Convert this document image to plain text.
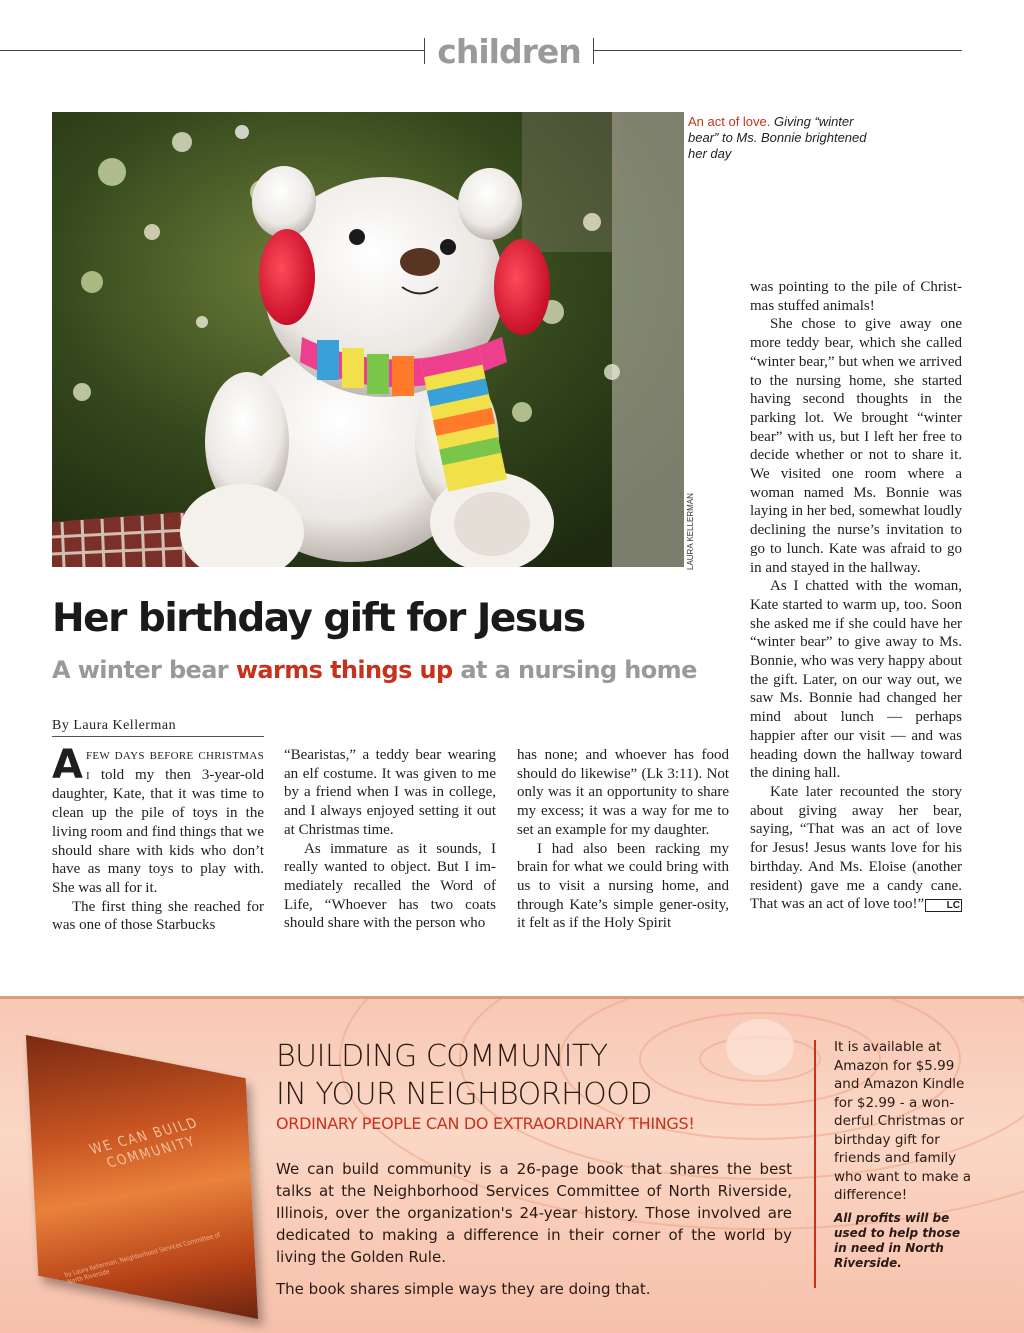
children
LAURA KELLERMAN
An act of love. Giving “winter bear” to Ms. Bonnie brightened her day
Her birthday gift for Jesus
A winter bear warms things up at a nursing home
By Laura Kellerman

AFEW DAYS BEFORE CHRISTMAS I told my then 3-year-old daughter, Kate, that it was time to clean up the pile of toys in the living room and find things that we should share with kids who don’t have as many toys to play with. She was all for it.

The first thing she reached for was one of those Starbucks

“Bearistas,” a teddy bear wearing an elf costume. It was given to me by a friend when I was in college, and I always enjoyed setting it out at Christmas time.

As immature as it sounds, I really wanted to object. But I im-mediately recalled the Word of Life, “Whoever has two coats should share with the person who

has none; and whoever has food should do likewise” (Lk 3:11). Not only was it an opportunity to share my excess; it was a way for me to set an example for my daughter.

I had also been racking my brain for what we could bring with us to visit a nursing home, and through Kate’s simple gener-osity, it felt as if the Holy Spirit

was pointing to the pile of Christ-mas stuffed animals!

She chose to give away one more teddy bear, which she called “winter bear,” but when we arrived to the nursing home, she started having second thoughts in the parking lot. We brought “winter bear” with us, but I left her free to decide whether or not to share it. We visited one room where a woman named Ms. Bonnie was laying in her bed, somewhat loudly declining the nurse’s invitation to go to lunch. Kate was afraid to go in and stayed in the hallway.

As I chatted with the woman, Kate started to warm up, too. Soon she asked me if she could have her “winter bear” to give away to Ms. Bonnie, who was very happy about the gift. Later, on our way out, we saw Ms. Bonnie had changed her mind about lunch — perhaps happier after our visit — and was heading down the hallway toward the dining hall.

Kate later recounted the story about giving away her bear, saying, “That was an act of love for Jesus! Jesus wants love for his birthday. And Ms. Eloise (another resident) gave me a candy cane. That was an act of love too!”	LC

WE CAN BUILD COMMUNITY
by Laura Kellerman, Neighborhood Services Committee of North Riverside
BUILDING COMMUNITY
IN YOUR NEIGHBORHOOD
ORDINARY PEOPLE CAN DO EXTRAORDINARY THINGS!

We can build community is a 26-page book that shares the best talks at the Neighborhood Services Committee of North Riverside, Illinois, over the organization's 24-year history. Those involved are dedicated to making a difference in their corner of the world by living the Golden Rule.

The book shares simple ways they are doing that.

It is available at Amazon for $5.99 and Amazon Kindle for $2.99 - a won-derful Christmas or birthday gift for friends and family who want to make a difference!
All profits will be used to help those in need in North Riverside.
